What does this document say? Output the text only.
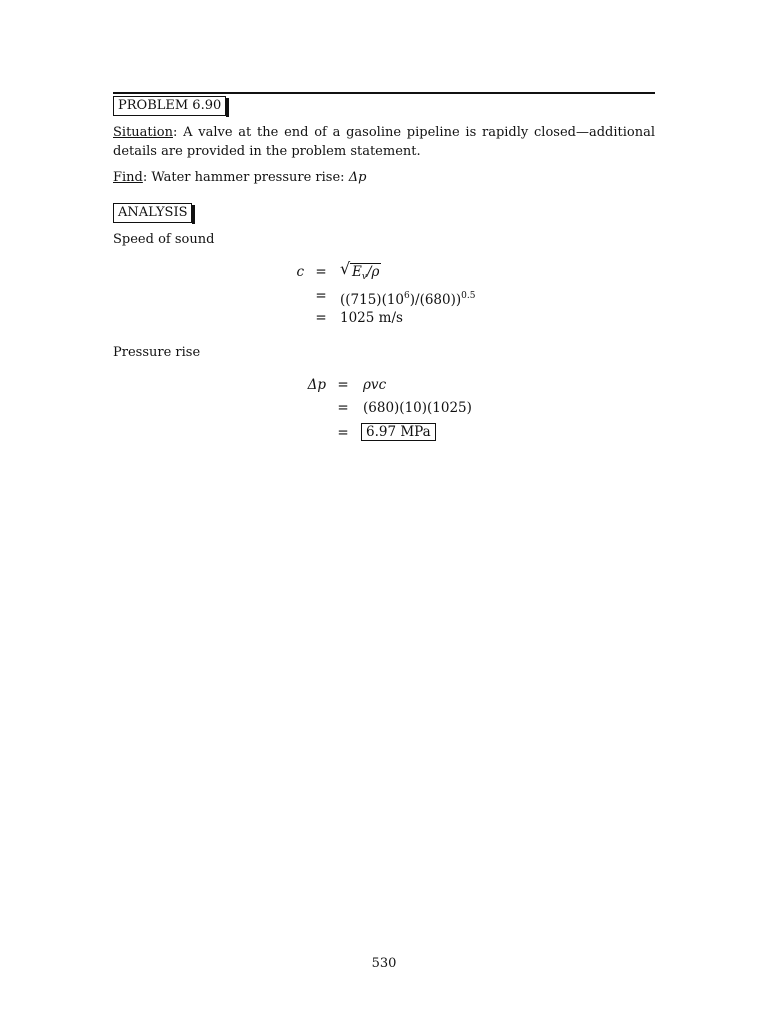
PROBLEM 6.90
Situation: A valve at the end of a gasoline pipeline is rapidly closed—additional
details are provided in the problem statement.
Find: Water hammer pressure rise: Δp
ANALYSIS
Speed of sound
c = √ $E_v/\rho$
= $((715)(10^6)/(680))^{0.5}$
= 1025 m/s
Pressure rise
Δp = ρvc
= (680)(10)(1025)
=	6.97 MPa
530
